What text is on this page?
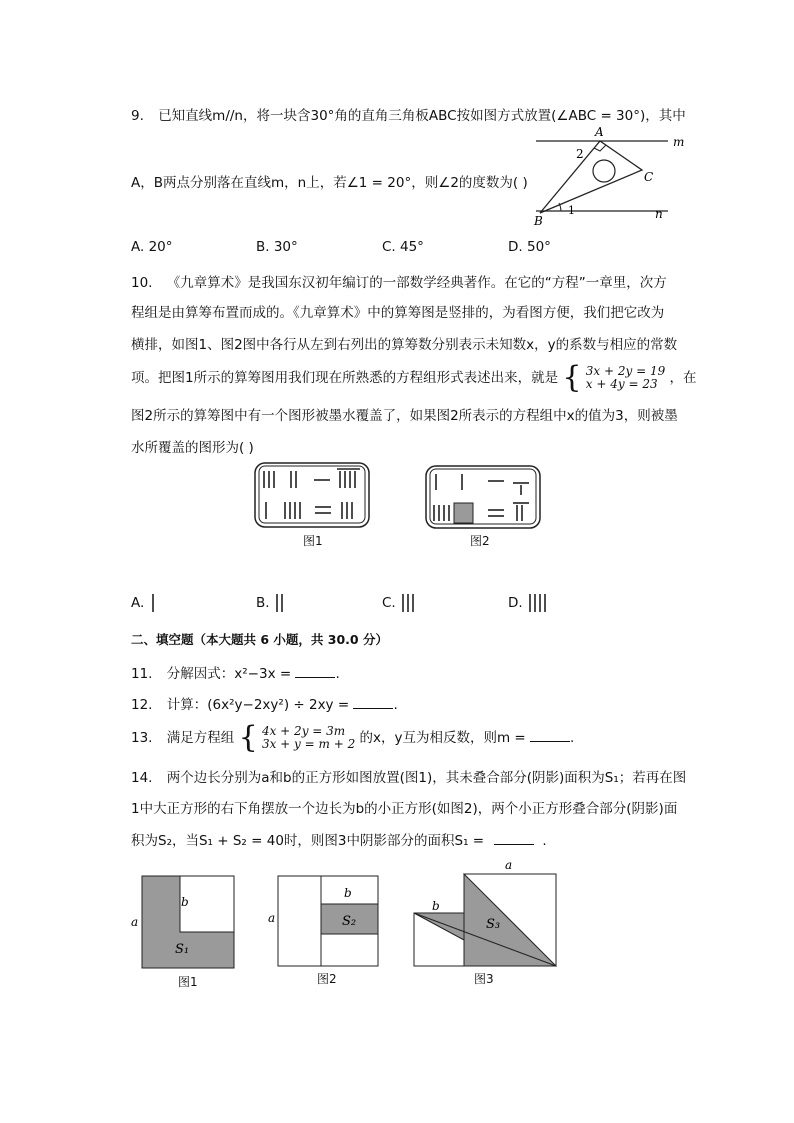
9. 已知直线m//n，将一块含30°角的直角三角板ABC按如图方式放置(∠ABC = 30°)，其中
A，B两点分别落在直线m，n上，若∠1 = 20°，则∠2的度数为( )
A
m
2
C
1	n
B
A. 20°	B. 30°	C. 45°	D. 50°
10. 《九章算术》是我国东汉初年编订的一部数学经典著作。在它的“方程”一章里，次方
程组是由算筹布置而成的。《九章算术》中的算筹图是竖排的，为看图方便，我们把它改为
横排，如图1、图2图中各行从左到右列出的算筹数分别表示未知数x，y的系数与相应的常数
项。把图1所示的算筹图用我们现在所熟悉的方程组形式表述出来，就是 { 3x + 2y = 19
x + 4y = 23 ，在
图2所示的算筹图中有一个图形被墨水覆盖了，如果图2所表示的方程组中x的值为3，则被墨
水所覆盖的图形为( )
图1	图2
A.	B.	C.	D.
二、填空题（本大题共 6 小题，共 30.0 分）
11. 分解因式：x²−3x =	.
12. 计算：(6x²y−2xy²) ÷ 2xy =	.
13. 满足方程组 { 4x + 2y = 3m
3x + y = m + 2 的x，y互为相反数，则m =	.
14. 两个边长分别为a和b的正方形如图放置(图1)，其未叠合部分(阴影)面积为S₁；若再在图
1中大正方形的右下角摆放一个边长为b的小正方形(如图2)，两个小正方形叠合部分(阴影)面
积为S₂，当S₁ + S₂ = 40时，则图3中阴影部分的面积S₁ =	.
a
b
S₁
a
b
S₂
a
b
S₃
图1	图2	图3
